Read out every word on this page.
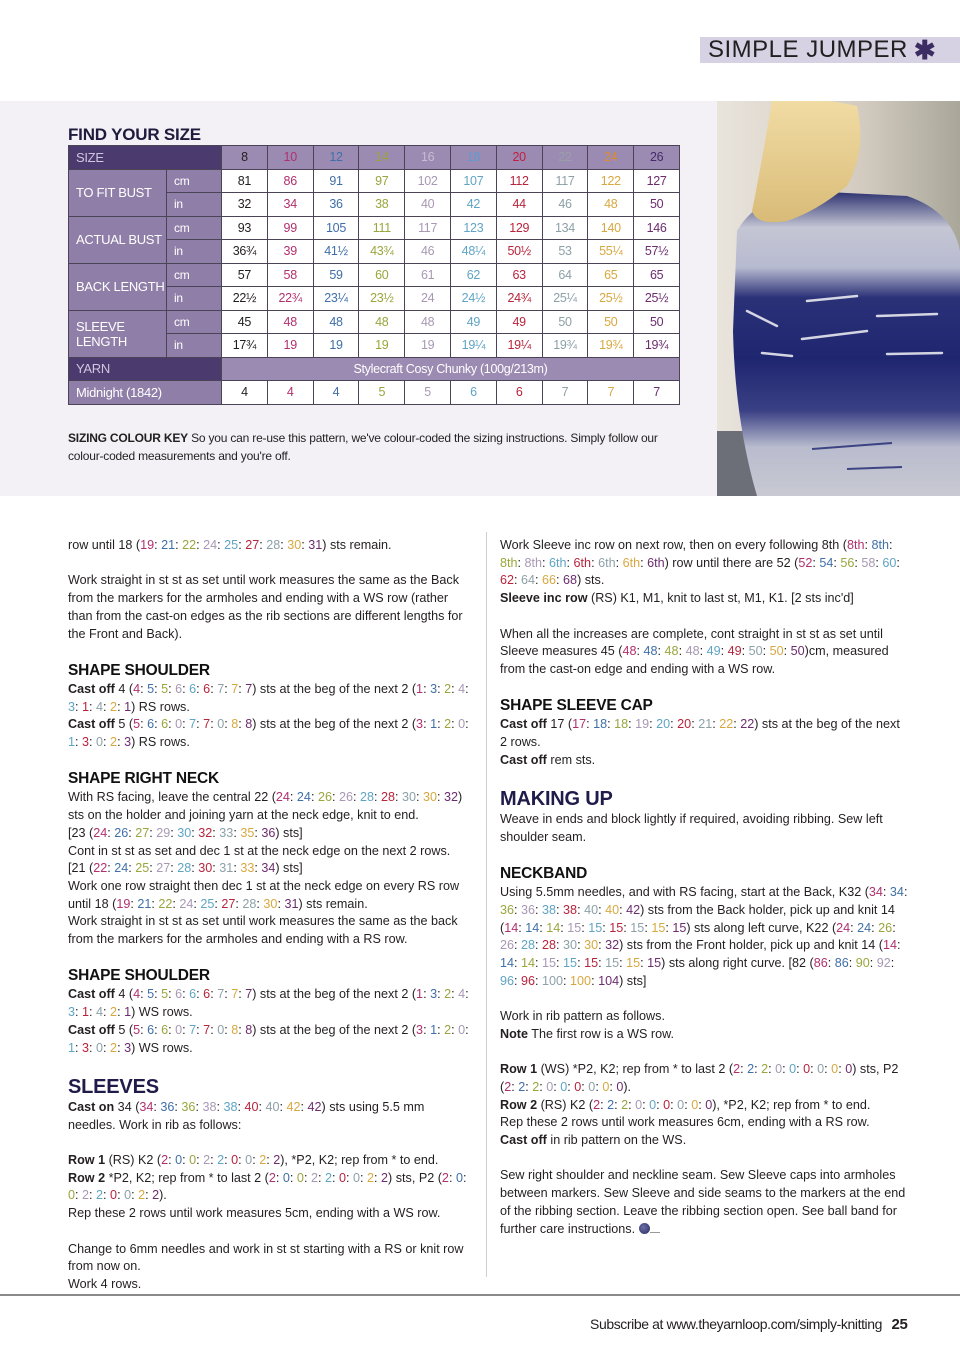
SIMPLE JUMPER ✱
FIND YOUR SIZE
SIZE		8	10	12	14	16	18	20	22	24	26
TO FIT BUST	cm	81	86	91	97	102	107	112	117	122	127
	in	32	34	36	38	40	42	44	46	48	50
ACTUAL BUST	cm	93	99	105	111	117	123	129	134	140	146
	in	36¾	39	41½	43¾	46	48¼	50½	53	55¼	57½
BACK LENGTH	cm	57	58	59	60	61	62	63	64	65	65
	in	22½	22¾	23¼	23½	24	24½	24¾	25¼	25½	25½
SLEEVE LENGTH	cm	45	48	48	48	48	49	49	50	50	50
	in	17¾	19	19	19	19	19¼	19¼	19¾	19¾	19¾
YARN		Stylecraft Cosy Chunky (100g/213m)									
Midnight (1842)		4	4	4	5	5	6	6	7	7	7
SIZING COLOUR KEY So you can re-use this pattern, we've colour-coded the sizing instructions. Simply follow our colour-coded measurements and you're off.

row until 18 (19: 21: 22: 24: 25: 27: 28: 30: 31) sts remain.

Work straight in st st as set until work measures the same as the Back from the markers for the armholes and ending with a WS row (rather than from the cast-on edges as the rib sections are different lengths for the Front and Back).

SHAPE SHOULDER

Cast off 4 (4: 5: 5: 6: 6: 6: 7: 7: 7) sts at the beg of the next 2 (1: 3: 2: 4: 3: 1: 4: 2: 1) RS rows.

Cast off 5 (5: 6: 6: 0: 7: 7: 0: 8: 8) sts at the beg of the next 2 (3: 1: 2: 0: 1: 3: 0: 2: 3) RS rows.

SHAPE RIGHT NECK

With RS facing, leave the central 22 (24: 24: 26: 26: 28: 28: 30: 30: 32) sts on the holder and joining yarn at the neck edge, knit to end.

[23 (24: 26: 27: 29: 30: 32: 33: 35: 36) sts]

Cont in st st as set and dec 1 st at the neck edge on the next 2 rows.

[21 (22: 24: 25: 27: 28: 30: 31: 33: 34) sts]

Work one row straight then dec 1 st at the neck edge on every RS row until 18 (19: 21: 22: 24: 25: 27: 28: 30: 31) sts remain.

Work straight in st st as set until work measures the same as the back from the markers for the armholes and ending with a RS row.

SHAPE SHOULDER

Cast off 4 (4: 5: 5: 6: 6: 6: 7: 7: 7) sts at the beg of the next 2 (1: 3: 2: 4: 3: 1: 4: 2: 1) WS rows.

Cast off 5 (5: 6: 6: 0: 7: 7: 0: 8: 8) sts at the beg of the next 2 (3: 1: 2: 0: 1: 3: 0: 2: 3) WS rows.

SLEEVES

Cast on 34 (34: 36: 36: 38: 38: 40: 40: 42: 42) sts using 5.5 mm needles. Work in rib as follows:

Row 1 (RS) K2 (2: 0: 0: 2: 2: 0: 0: 2: 2), *P2, K2; rep from * to end.

Row 2 *P2, K2; rep from * to last 2 (2: 0: 0: 2: 2: 0: 0: 2: 2) sts, P2 (2: 0: 0: 2: 2: 0: 0: 2: 2).

Rep these 2 rows until work measures 5cm, ending with a WS row.

Change to 6mm needles and work in st st starting with a RS or knit row from now on.

Work 4 rows.

Work Sleeve inc row on next row, then on every following 8th (8th: 8th: 8th: 8th: 6th: 6th: 6th: 6th: 6th) row until there are 52 (52: 54: 56: 58: 60: 62: 64: 66: 68) sts.

Sleeve inc row (RS) K1, M1, knit to last st, M1, K1. [2 sts inc'd]

When all the increases are complete, cont straight in st st as set until Sleeve measures 45 (48: 48: 48: 48: 49: 49: 50: 50: 50)cm, measured from the cast-on edge and ending with a WS row.

SHAPE SLEEVE CAP

Cast off 17 (17: 18: 18: 19: 20: 20: 21: 22: 22) sts at the beg of the next 2 rows.

Cast off rem sts.

MAKING UP

Weave in ends and block lightly if required, avoiding ribbing. Sew left shoulder seam.

NECKBAND

Using 5.5mm needles, and with RS facing, start at the Back, K32 (34: 34: 36: 36: 38: 38: 40: 40: 42) sts from the Back holder, pick up and knit 14 (14: 14: 14: 15: 15: 15: 15: 15: 15) sts along left curve, K22 (24: 24: 26: 26: 28: 28: 30: 30: 32) sts from the Front holder, pick up and knit 14 (14: 14: 14: 15: 15: 15: 15: 15: 15) sts along right curve. [82 (86: 86: 90: 92: 96: 96: 100: 100: 104) sts]

Work in rib pattern as follows.

Note The first row is a WS row.

Row 1 (WS) *P2, K2; rep from * to last 2 (2: 2: 2: 0: 0: 0: 0: 0: 0) sts, P2 (2: 2: 2: 0: 0: 0: 0: 0: 0).

Row 2 (RS) K2 (2: 2: 2: 0: 0: 0: 0: 0: 0), *P2, K2; rep from * to end.

Rep these 2 rows until work measures 6cm, ending with a RS row.

Cast off in rib pattern on the WS.

Sew right shoulder and neckline seam. Sew Sleeve caps into armholes between markers. Sew Sleeve and side seams to the markers at the end of the ribbing section. Leave the ribbing section open. See ball band for further care instructions.

Subscribe at www.theyarnloop.com/simply-knitting 25
